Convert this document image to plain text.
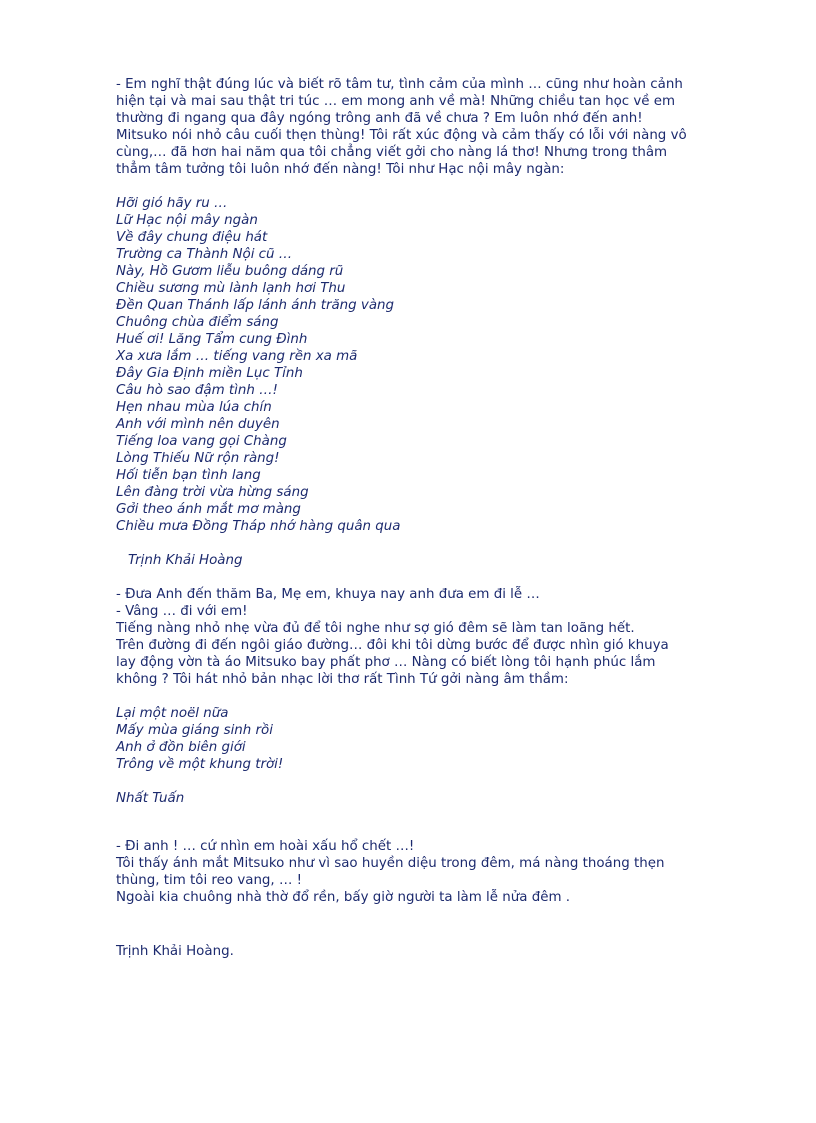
- Em nghĩ thật đúng lúc và biết rõ tâm tư, tình cảm của mình … cũng như hoàn cảnh
hiện tại và mai sau thật tri túc … em mong anh về mà! Những chiều tan học về em
thường đi ngang qua đây ngóng trông anh đã về chưa ? Em luôn nhớ đến anh!
Mitsuko nói nhỏ câu cuối thẹn thùng! Tôi rất xúc động và cảm thấy có lỗi với nàng vô
cùng,… đã hơn hai năm qua tôi chẳng viết gởi cho nàng lá thơ! Nhưng trong thâm
thẳm tâm tưởng tôi luôn nhớ đến nàng! Tôi như Hạc nội mây ngàn:
Hỡi gió hãy ru …
Lữ Hạc nội mây ngàn
Về đây chung điệu hát
Trường ca Thành Nội cũ …
Này, Hồ Gươm liễu buông dáng rũ
Chiều sương mù lành lạnh hơi Thu
Đền Quan Thánh lấp lánh ánh trăng vàng
Chuông chùa điểm sáng
Huế ơi! Lăng Tẩm cung Đình
Xa xưa lắm … tiếng vang rền xa mã
Đây Gia Định miền Lục Tỉnh
Câu hò sao đậm tình …!
Hẹn nhau mùa lúa chín
Anh với mình nên duyên
Tiếng loa vang gọi Chàng
Lòng Thiếu Nữ rộn ràng!
Hối tiễn bạn tình lang
Lên đàng trời vừa hừng sáng
Gởi theo ánh mắt mơ màng
Chiều mưa Đồng Tháp nhớ hàng quân qua
Trịnh Khải Hoàng
- Đưa Anh đến thăm Ba, Mẹ em, khuya nay anh đưa em đi lễ …
- Vâng … đi với em!
Tiếng nàng nhỏ nhẹ vừa đủ để tôi nghe như sợ gió đêm sẽ làm tan loãng hết.
Trên đường đi đến ngôi giáo đường… đôi khi tôi dừng bước để được nhìn gió khuya
lay động vờn tà áo Mitsuko bay phất phơ … Nàng có biết lòng tôi hạnh phúc lắm
không ? Tôi hát nhỏ bản nhạc lời thơ rất Tình Tứ gởi nàng âm thầm:
Lại một noël nữa
Mấy mùa giáng sinh rồi
Anh ở đồn biên giới
Trông về một khung trời!
Nhất Tuấn
- Đi anh ! … cứ nhìn em hoài xấu hổ chết …!
Tôi thấy ánh mắt Mitsuko như vì sao huyền diệu trong đêm, má nàng thoáng thẹn
thùng, tim tôi reo vang, … !
Ngoài kia chuông nhà thờ đổ rền, bấy giờ người ta làm lễ nửa đêm .
Trịnh Khải Hoàng.
